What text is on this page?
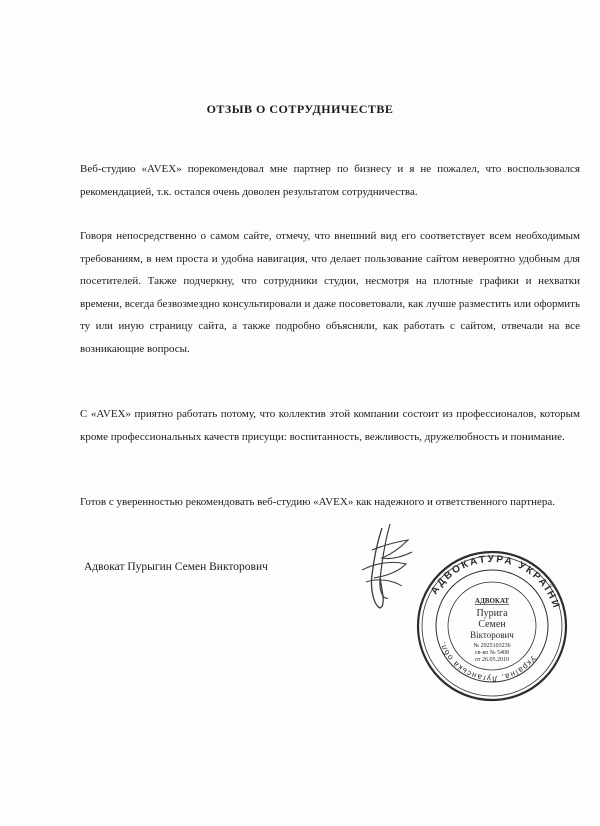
ОТЗЫВ О СОТРУДНИЧЕСТВЕ
Веб-студию «AVEX» порекомендовал мне партнер по бизнесу и я не пожалел, что воспользовался рекомендацией, т.к. остался очень доволен результатом сотрудничества.
Говоря непосредственно о самом сайте, отмечу, что внешний вид его соответствует всем необходимым требованиям, в нем проста и удобна навигация, что делает пользование сайтом невероятно удобным для посетителей. Также подчеркну, что сотрудники студии, несмотря на плотные графики и нехватки времени, всегда безвозмездно консультировали и даже посоветовали, как лучше разместить или оформить ту или иную страницу сайта, а также подробно объясняли, как работать с сайтом, отвечали на все возникающие вопросы.
С «AVEX» приятно работать потому, что коллектив этой компании состоит из профессионалов, которым кроме профессиональных качеств присущи: воспитанность, вежливость, дружелюбность и понимание.
Готов с уверенностью рекомендовать веб-студию «AVEX» как надежного и ответственного партнера.
Адвокат Пурыгин Семен Викторович
АДВОКАТУРА УКРАЇНИ
Україна, Луганська обл.
АДВОКАТ
Пурига
Семен
Вікторович
№ 2925103236
св-во № 5408
от 26.05.2010
